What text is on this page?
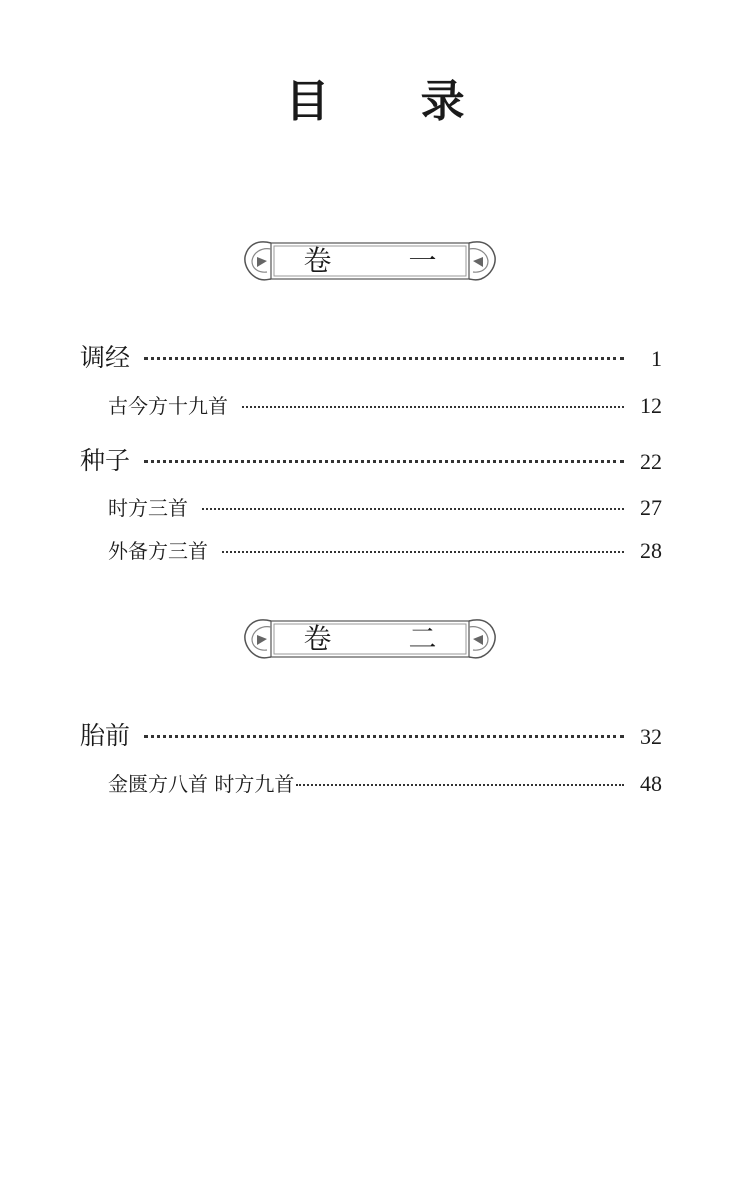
目 录
卷 一
调经	1
古今方十九首	12
种子	22
时方三首	27
外备方三首	28
卷 二
胎前	32
金匮方八首 时方九首	48
